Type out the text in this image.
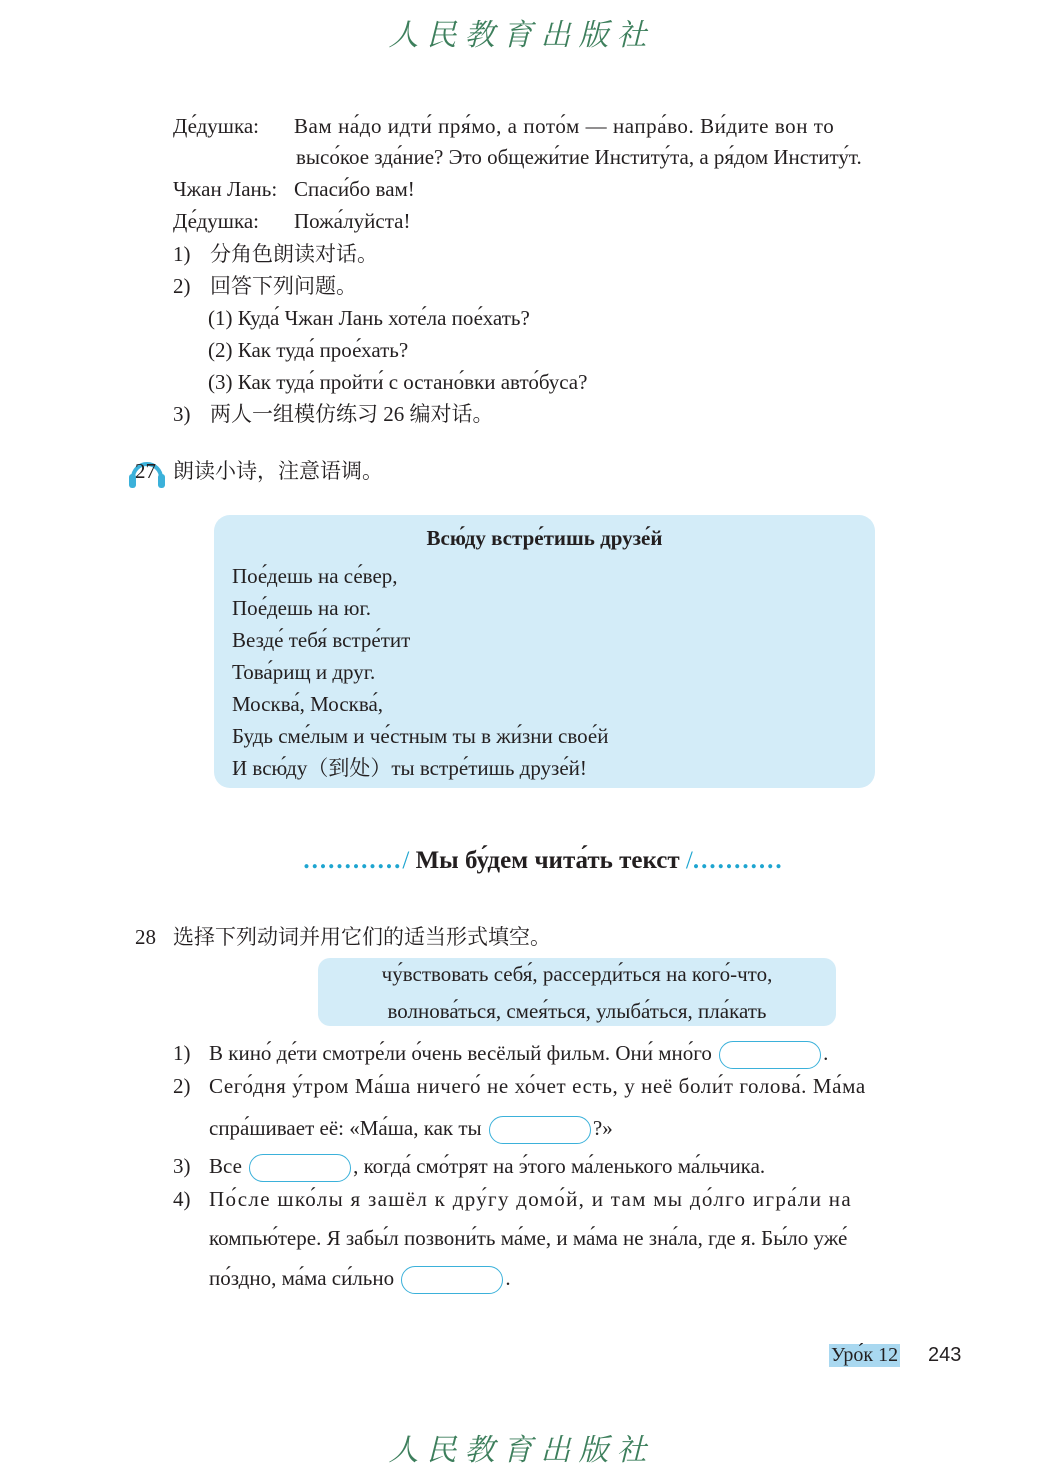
人民教育出版社
Де́душка: Вам на́до идти́ пря́мо, а пото́м — напра́во. Ви́дите вон то
высо́кое зда́ние? Это общежи́тие Институ́та, а ря́дом Институ́т.
Чжан Лань: Спаси́бо вам!
Де́душка: Пожа́луйста!
1) 分角色朗读对话。
2) 回答下列问题。
(1) Куда́ Чжан Лань хоте́ла пое́хать?
(2) Как туда́ прое́хать?
(3) Как туда́ пройти́ с остано́вки авто́буса?
3) 两人一组模仿练习 26 编对话。
27 朗读小诗，注意语调。
Всю́ду встре́тишь друзе́й
Пое́дешь на се́вер,
Пое́дешь на юг.
Везде́ тебя́ встре́тит
Това́рищ и друг.
Москва́, Москва́,
Будь сме́лым и че́стным ты в жи́зни свое́й
И всю́ду（到处）ты встре́тишь друзе́й!
............/ Мы бу́дем чита́ть текст /...........
28 选择下列动词并用它们的适当形式填空。
чу́вствовать себя́, рассерди́ться на кого́-что,
волнова́ться, смея́ться, улыба́ться, пла́кать
1) В кино́ де́ти смотре́ли о́чень весёлый фильм. Они́ мно́го	.
2) Сего́дня у́тром Ма́ша ничего́ не хо́чет есть, у неё боли́т голова́. Ма́ма
спра́шивает её: «Ма́ша, как ты	?»
3) Все	, когда́ смо́трят на э́того ма́ленького ма́льчика.
4) По́сле шко́лы я зашёл к дру́гу домо́й, и там мы до́лго игра́ли на
компью́тере. Я забы́л позвони́ть ма́ме, и ма́ма не зна́ла, где я. Бы́ло уже́
по́здно, ма́ма си́льно	.
Уро́к 12 243
人民教育出版社
